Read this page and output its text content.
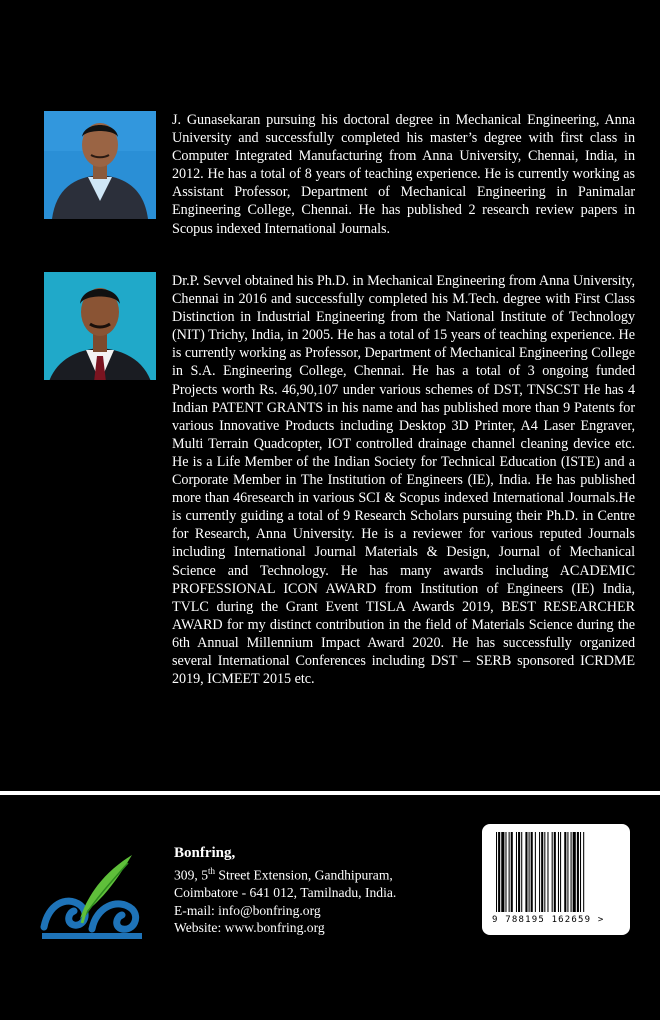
J. Gunasekaran pursuing his doctoral degree in Mechanical Engineering, Anna University and successfully completed his master’s degree with first class in Computer Integrated Manufacturing from Anna University, Chennai, India, in 2012. He has a total of 8 years of teaching experience. He is currently working as Assistant Professor, Department of Mechanical Engineering in Panimalar Engineering College, Chennai. He has published 2 research review papers in Scopus indexed International Journals.
Dr.P. Sevvel obtained his Ph.D. in Mechanical Engineering from Anna University, Chennai in 2016 and successfully completed his M.Tech. degree with First Class Distinction in Industrial Engineering from the National Institute of Technology (NIT) Trichy, India, in 2005. He has a total of 15 years of teaching experience. He is currently working as Professor, Department of Mechanical Engineering College in S.A. Engineering College, Chennai. He has a total of 3 ongoing funded Projects worth Rs. 46,90,107 under various schemes of DST, TNSCST He has 4 Indian PATENT GRANTS in his name and has published more than 9 Patents for various Innovative Products including Desktop 3D Printer, A4 Laser Engraver, Multi Terrain Quadcopter, IOT controlled drainage channel cleaning device etc. He is a Life Member of the Indian Society for Technical Education (ISTE) and a Corporate Member in The Institution of Engineers (IE), India. He has published more than 46research in various SCI & Scopus indexed International Journals.He is currently guiding a total of 9 Research Scholars pursuing their Ph.D. in Centre for Research, Anna University. He is a reviewer for various reputed Journals including International Journal Materials & Design, Journal of Mechanical Science and Technology. He has many awards including ACADEMIC PROFESSIONAL ICON AWARD from Institution of Engineers (IE) India, TVLC during the Grant Event TISLA Awards 2019, BEST RESEARCHER AWARD for my distinct contribution in the field of Materials Science during the 6th Annual Millennium Impact Award 2020. He has successfully organized several International Conferences including DST – SERB sponsored ICRDME 2019, ICMEET 2015 etc.
Bonfring,
309, 5th Street Extension, Gandhipuram,
Coimbatore - 641 012, Tamilnadu, India.
E-mail: info@bonfring.org
Website: www.bonfring.org
9 788195 162659 >
